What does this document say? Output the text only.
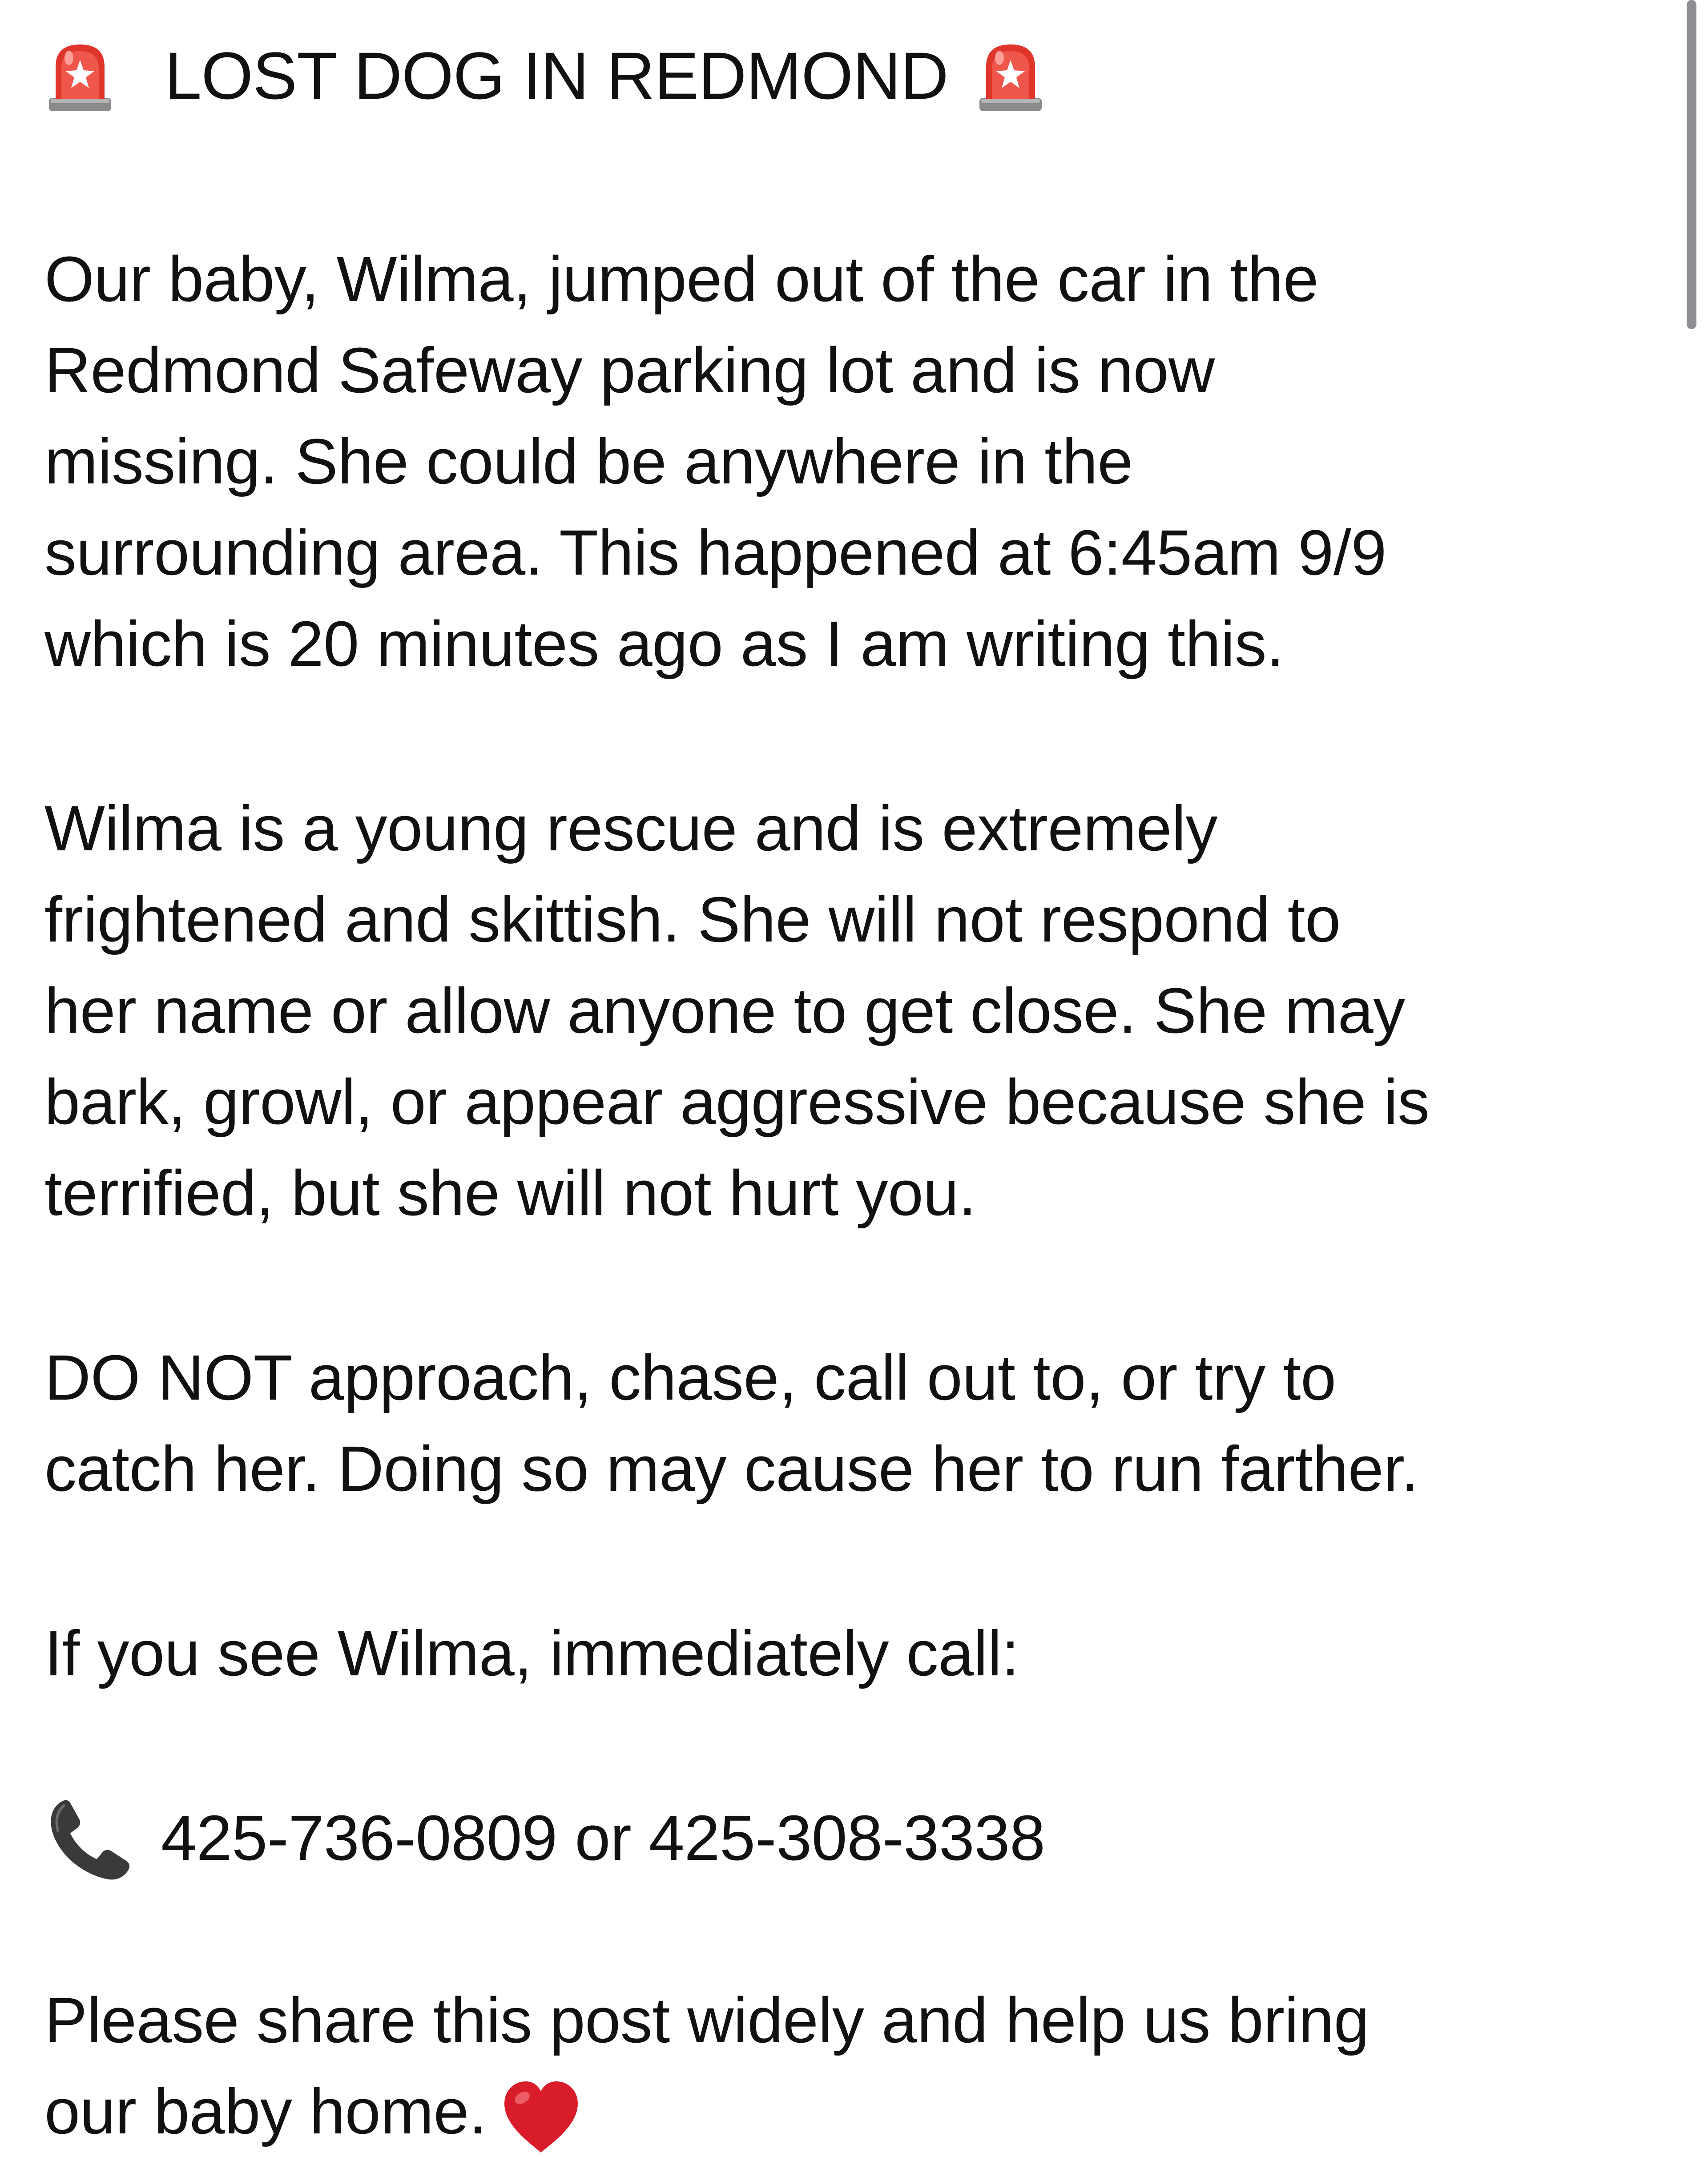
LOST DOG IN REDMOND

Our baby, Wilma, jumped out of the car in the
Redmond Safeway parking lot and is now
missing. She could be anywhere in the
surrounding area. This happened at 6:45am 9/9
which is 20 minutes ago as I am writing this.

Wilma is a young rescue and is extremely
frightened and skittish. She will not respond to
her name or allow anyone to get close. She may
bark, growl, or appear aggressive because she is
terrified, but she will not hurt you.

DO NOT approach, chase, call out to, or try to
catch her. Doing so may cause her to run farther.

If you see Wilma, immediately call:

425-736-0809 or 425-308-3338

Please share this post widely and help us bring
our baby home.
